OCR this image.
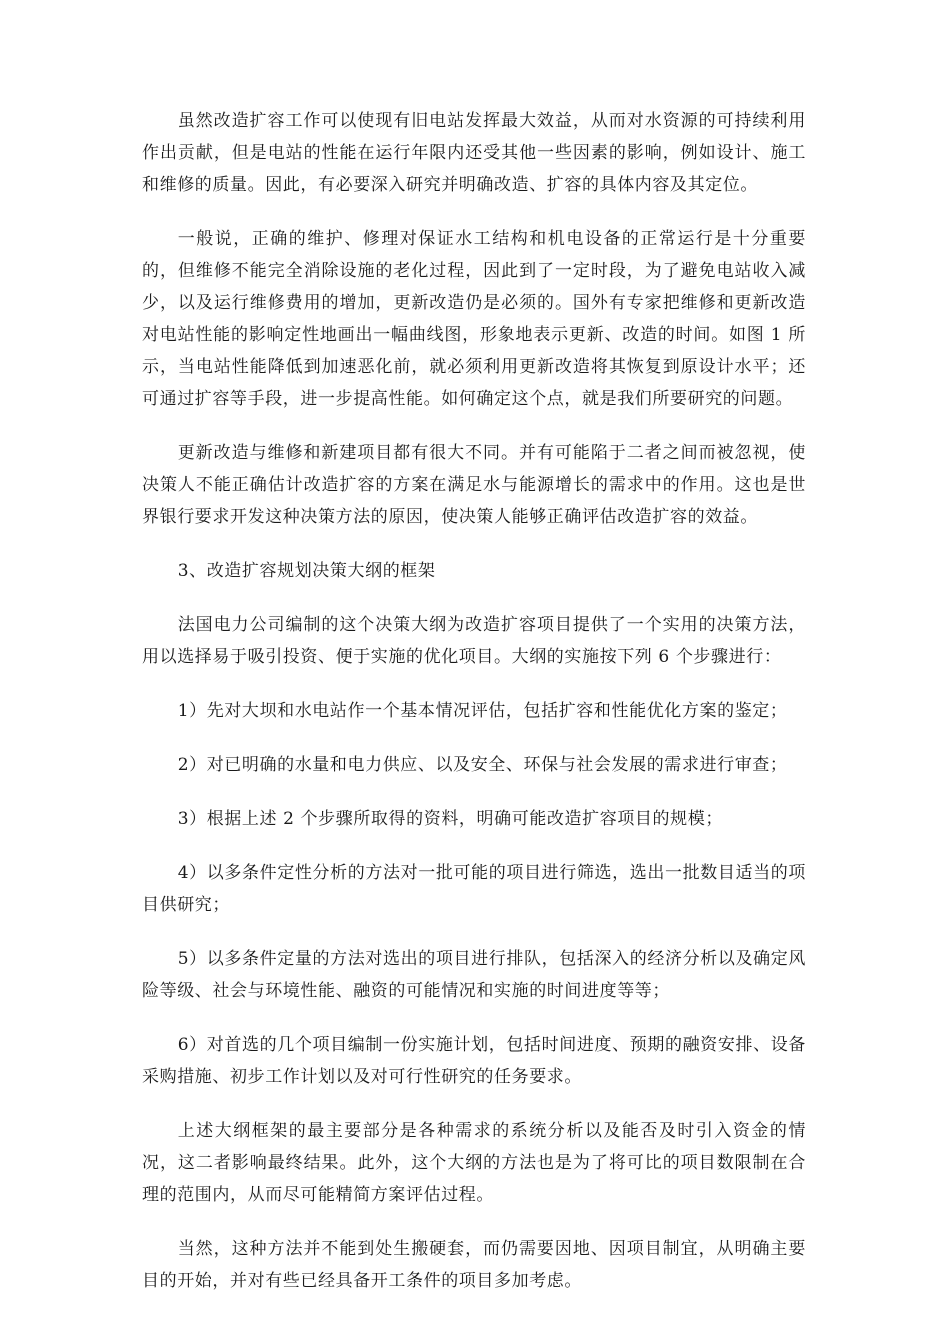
虽然改造扩容工作可以使现有旧电站发挥最大效益，从而对水资源的可持续利用作出贡献，但是电站的性能在运行年限内还受其他一些因素的影响，例如设计、施工和维修的质量。因此，有必要深入研究并明确改造、扩容的具体内容及其定位。

一般说，正确的维护、修理对保证水工结构和机电设备的正常运行是十分重要的，但维修不能完全消除设施的老化过程，因此到了一定时段，为了避免电站收入减少，以及运行维修费用的增加，更新改造仍是必须的。国外有专家把维修和更新改造对电站性能的影响定性地画出一幅曲线图，形象地表示更新、改造的时间。如图 1 所示，当电站性能降低到加速恶化前，就必须利用更新改造将其恢复到原设计水平；还可通过扩容等手段，进一步提高性能。如何确定这个点，就是我们所要研究的问题。

更新改造与维修和新建项目都有很大不同。并有可能陷于二者之间而被忽视，使决策人不能正确估计改造扩容的方案在满足水与能源增长的需求中的作用。这也是世界银行要求开发这种决策方法的原因，使决策人能够正确评估改造扩容的效益。

3、改造扩容规划决策大纲的框架

法国电力公司编制的这个决策大纲为改造扩容项目提供了一个实用的决策方法，用以选择易于吸引投资、便于实施的优化项目。大纲的实施按下列 6 个步骤进行：

1）先对大坝和水电站作一个基本情况评估，包括扩容和性能优化方案的鉴定；

2）对已明确的水量和电力供应、以及安全、环保与社会发展的需求进行审查；

3）根据上述 2 个步骤所取得的资料，明确可能改造扩容项目的规模；

4）以多条件定性分析的方法对一批可能的项目进行筛选，选出一批数目适当的项目供研究；

5）以多条件定量的方法对选出的项目进行排队，包括深入的经济分析以及确定风险等级、社会与环境性能、融资的可能情况和实施的时间进度等等；

6）对首选的几个项目编制一份实施计划，包括时间进度、预期的融资安排、设备采购措施、初步工作计划以及对可行性研究的任务要求。

上述大纲框架的最主要部分是各种需求的系统分析以及能否及时引入资金的情况，这二者影响最终结果。此外，这个大纲的方法也是为了将可比的项目数限制在合理的范围内，从而尽可能精简方案评估过程。

当然，这种方法并不能到处生搬硬套，而仍需要因地、因项目制宜，从明确主要目的开始，并对有些已经具备开工条件的项目多加考虑。
